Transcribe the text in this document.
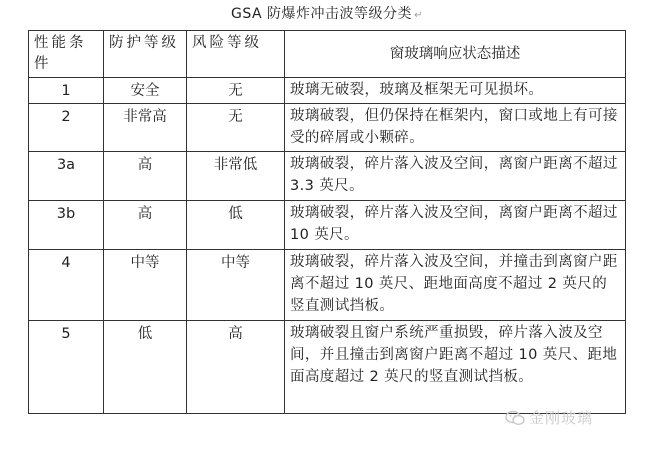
GSA 防爆炸冲击波等级分类 ↵
性能条件	防护等级	风险等级	窗玻璃响应状态描述
1	安全	无	玻璃无破裂，玻璃及框架无可见损坏。
2	非常高	无	玻璃破裂，但仍保持在框架内，窗口或地上有可接受的碎屑或小颗碎。
3a	高	非常低	玻璃破裂，碎片落入波及空间，离窗户距离不超过 3.3 英尺。
3b	高	低	玻璃破裂，碎片落入波及空间，离窗户距离不超过 10 英尺。
4	中等	中等	玻璃破裂，碎片落入波及空间，并撞击到离窗户距离不超过 10 英尺、距地面高度不超过 2 英尺的竖直测试挡板。
5	低	高	玻璃破裂且窗户系统严重损毁，碎片落入波及空间，并且撞击到离窗户距离不超过 10 英尺、距地面高度超过 2 英尺的竖直测试挡板。
金刚玻璃
